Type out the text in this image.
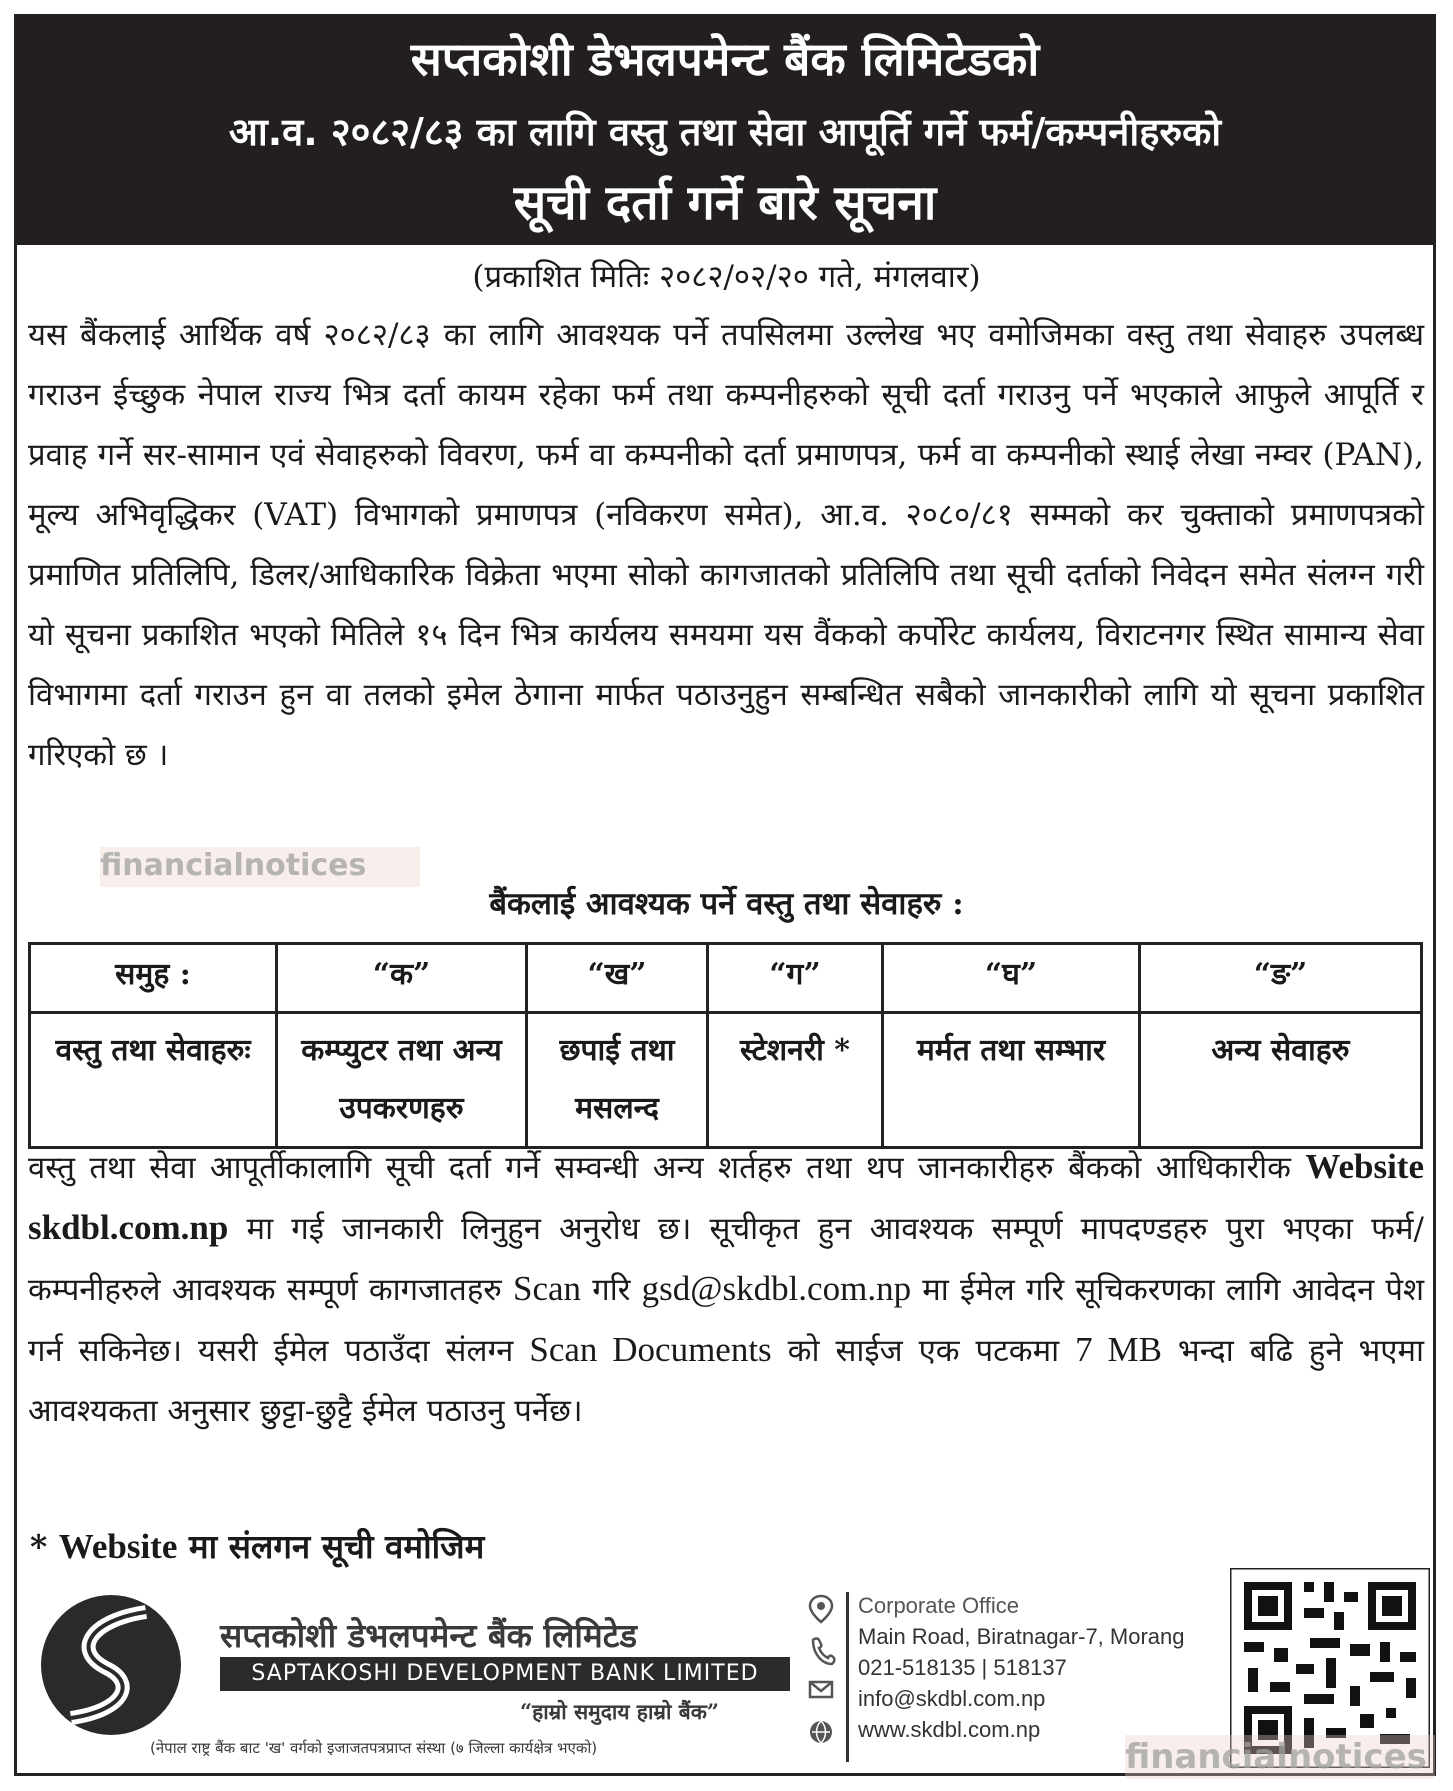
सप्तकोशी डेभलपमेन्ट बैंक लिमिटेडको
आ.व. २०८२/८३ का लागि वस्तु तथा सेवा आपूर्ति गर्ने फर्म/कम्पनीहरुको
सूची दर्ता गर्ने बारे सूचना
(प्रकाशित मितिः २०८२/०२/२० गते, मंगलवार)
यस बैंकलाई आर्थिक वर्ष २०८२/८३ का लागि आवश्यक पर्ने तपसिलमा उल्लेख भए वमोजिमका वस्तु तथा सेवाहरु उपलब्ध गराउन ईच्छुक नेपाल राज्य भित्र दर्ता कायम रहेका फर्म तथा कम्पनीहरुको सूची दर्ता गराउनु पर्ने भएकाले आफुले आपूर्ति र प्रवाह गर्ने सर-सामान एवं सेवाहरुको विवरण, फर्म वा कम्पनीको दर्ता प्रमाणपत्र, फर्म वा कम्पनीको स्थाई लेखा नम्वर (PAN), मूल्य अभिवृद्धिकर (VAT) विभागको प्रमाणपत्र (नविकरण समेत), आ.व. २०८०/८१ सम्मको कर चुक्ताको प्रमाणपत्रको प्रमाणित प्रतिलिपि, डिलर/आधिकारिक विक्रेता भएमा सोको कागजातको प्रतिलिपि तथा सूची दर्ताको निवेदन समेत संलग्न गरी यो सूचना प्रकाशित भएको मितिले १५ दिन भित्र कार्यलय समयमा यस वैंकको कर्पोरेट कार्यलय, विराटनगर स्थित सामान्य सेवा विभागमा दर्ता गराउन हुन वा तलको इमेल ठेगाना मार्फत पठाउनुहुन सम्बन्धित सबैको जानकारीको लागि यो सूचना प्रकाशित गरिएको छ ।
financialnotices
बैंकलाई आवश्यक पर्ने वस्तु तथा सेवाहरु :
समुह :	“क”	“ख”	“ग”	“घ”	“ङ”
वस्तु तथा सेवाहरुः	कम्प्युटर तथा अन्य उपकरणहरु	छपाई तथा मसलन्द	स्टेशनरी *	मर्मत तथा सम्भार	अन्य सेवाहरु
वस्तु तथा सेवा आपूर्तीकालागि सूची दर्ता गर्ने सम्वन्धी अन्य शर्तहरु तथा थप जानकारीहरु बैंकको आधिकारीक Website skdbl.com.np मा गई जानकारी लिनुहुन अनुरोध छ। सूचीकृत हुन आवश्यक सम्पूर्ण मापदण्डहरु पुरा भएका फर्म/कम्पनीहरुले आवश्यक सम्पूर्ण कागजातहरु Scan गरि gsd@skdbl.com.np मा ईमेल गरि सूचिकरणका लागि आवेदन पेश गर्न सकिनेछ। यसरी ईमेल पठाउँदा संलग्न Scan Documents को साईज एक पटकमा 7 MB भन्दा बढि हुने भएमा आवश्यकता अनुसार छुट्टा-छुट्टै ईमेल पठाउनु पर्नेछ।
* Website मा संलगन सूची वमोजिम
सप्तकोशी डेभलपमेन्ट बैंक लिमिटेड
SAPTAKOSHI DEVELOPMENT BANK LIMITED
“हाम्रो समुदाय हाम्रो बैंक”
(नेपाल राष्ट्र बैंक बाट 'ख' वर्गको इजाजतपत्रप्राप्त संस्था (७ जिल्ला कार्यक्षेत्र भएको)
Corporate Office
Main Road, Biratnagar-7, Morang
021-518135 | 518137
info@skdbl.com.np
www.skdbl.com.np
financialnotices
